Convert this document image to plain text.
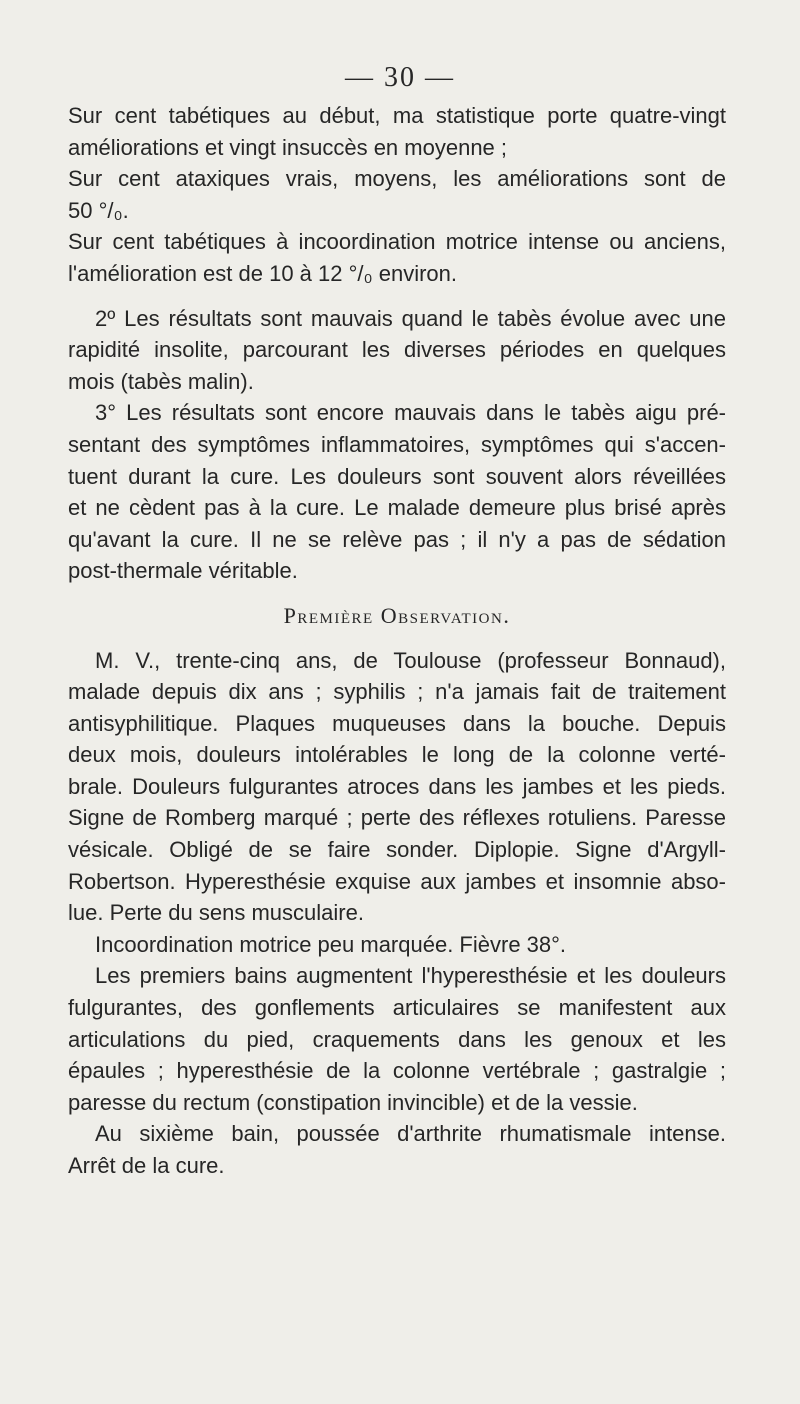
— 30 —
Sur cent tabétiques au début, ma statistique porte quatre-vingt
améliorations et vingt insuccès en moyenne ;
Sur cent ataxiques vrais, moyens, les améliorations sont de
50 °/₀.
Sur cent tabétiques à incoordination motrice intense ou anciens,
l'amélioration est de 10 à 12 °/₀ environ.
2º Les résultats sont mauvais quand le tabès évolue avec une
rapidité insolite, parcourant les diverses périodes en quelques
mois (tabès malin).
3° Les résultats sont encore mauvais dans le tabès aigu pré-
sentant des symptômes inflammatoires, symptômes qui s'accen-
tuent durant la cure. Les douleurs sont souvent alors réveillées
et ne cèdent pas à la cure. Le malade demeure plus brisé après
qu'avant la cure. Il ne se relève pas ; il n'y a pas de sédation
post-thermale véritable.
Première Observation.
M. V., trente-cinq ans, de Toulouse (professeur Bonnaud),
malade depuis dix ans ; syphilis ; n'a jamais fait de traitement
antisyphilitique. Plaques muqueuses dans la bouche. Depuis
deux mois, douleurs intolérables le long de la colonne verté-
brale. Douleurs fulgurantes atroces dans les jambes et les pieds.
Signe de Romberg marqué ; perte des réflexes rotuliens. Paresse
vésicale. Obligé de se faire sonder. Diplopie. Signe d'Argyll-
Robertson. Hyperesthésie exquise aux jambes et insomnie abso-
lue. Perte du sens musculaire.
Incoordination motrice peu marquée. Fièvre 38°.
Les premiers bains augmentent l'hyperesthésie et les douleurs
fulgurantes, des gonflements articulaires se manifestent aux
articulations du pied, craquements dans les genoux et les
épaules ; hyperesthésie de la colonne vertébrale ; gastralgie ;
paresse du rectum (constipation invincible) et de la vessie.
Au sixième bain, poussée d'arthrite rhumatismale intense.
Arrêt de la cure.
